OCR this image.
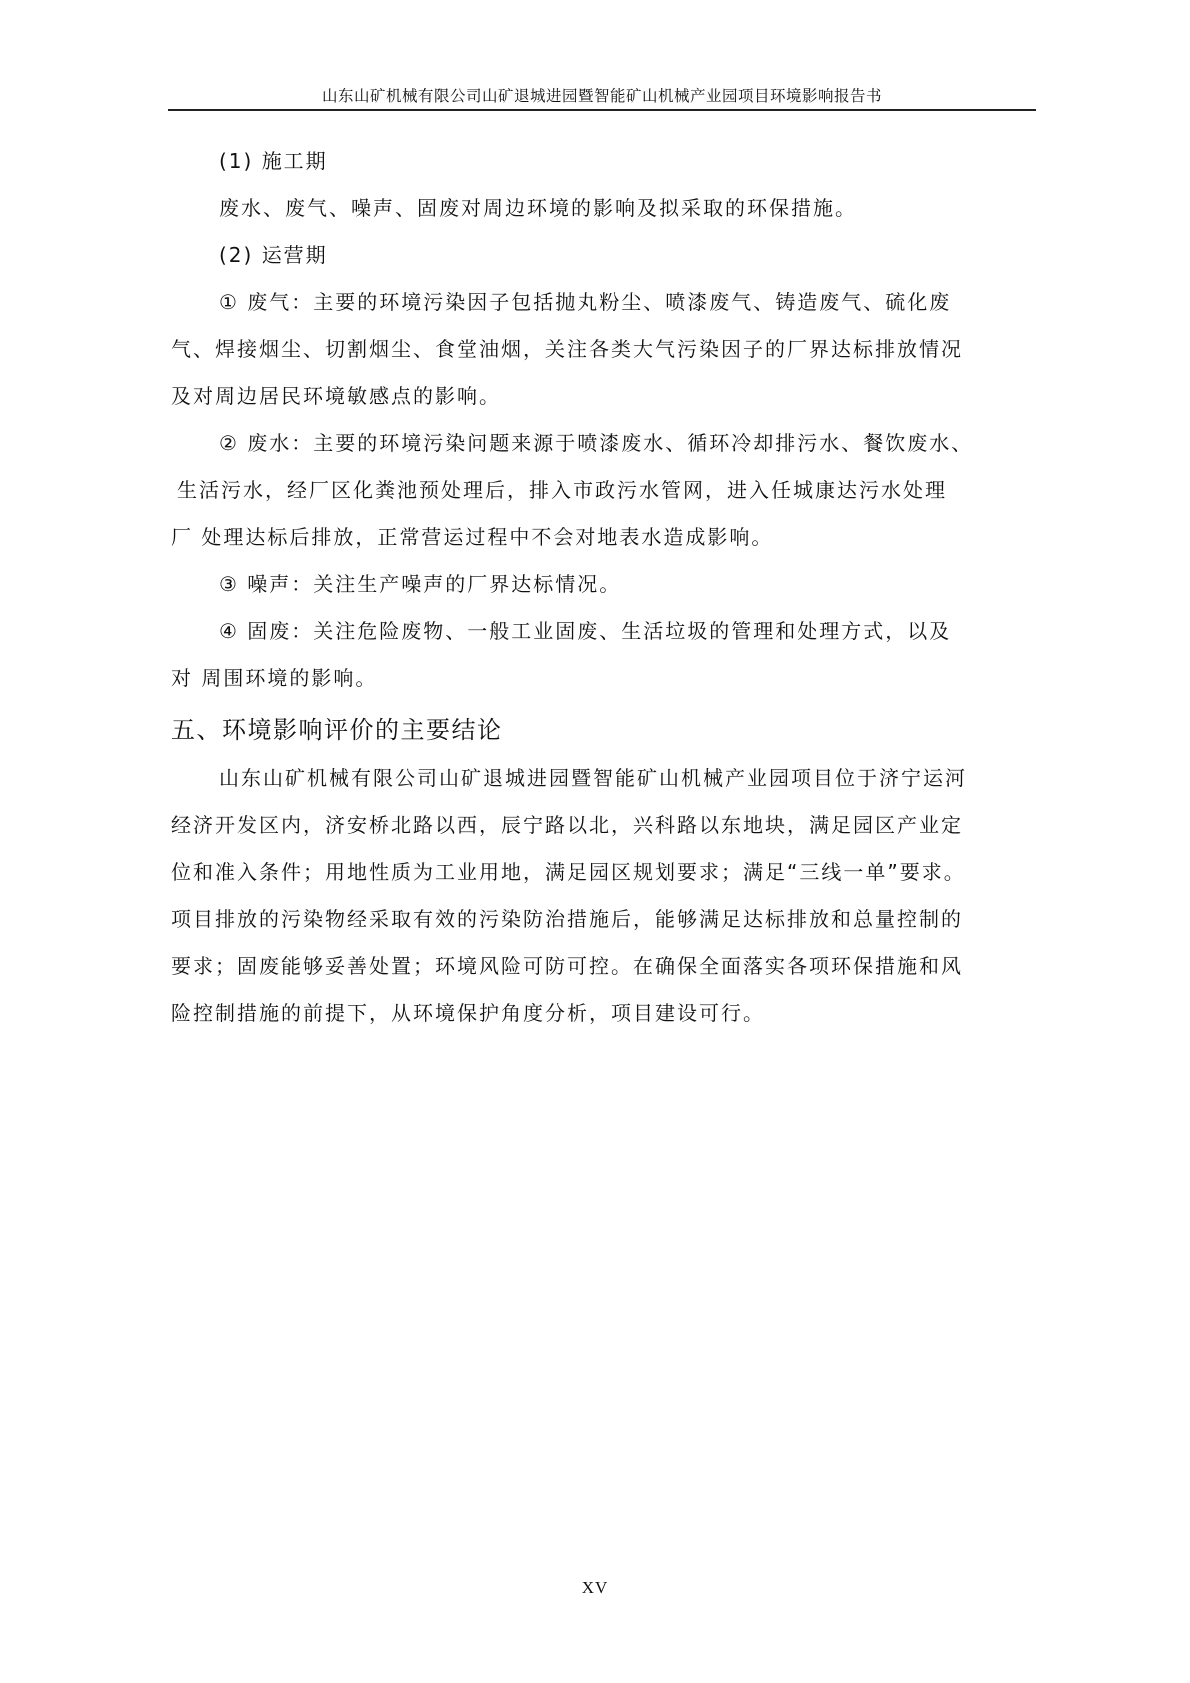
山东山矿机械有限公司山矿退城进园暨智能矿山机械产业园项目环境影响报告书
(1) 施工期
废水、废气、噪声、固废对周边环境的影响及拟采取的环保措施。
(2) 运营期
① 废气：主要的环境污染因子包括抛丸粉尘、喷漆废气、铸造废气、硫化废
气、焊接烟尘、切割烟尘、食堂油烟，关注各类大气污染因子的厂界达标排放情况
及对周边居民环境敏感点的影响。
② 废水：主要的环境污染问题来源于喷漆废水、循环冷却排污水、餐饮废水、
生活污水，经厂区化粪池预处理后，排入市政污水管网，进入任城康达污水处理
厂 处理达标后排放，正常营运过程中不会对地表水造成影响。
③ 噪声：关注生产噪声的厂界达标情况。
④ 固废：关注危险废物、一般工业固废、生活垃圾的管理和处理方式，以及
对 周围环境的影响。
五、环境影响评价的主要结论
山东山矿机械有限公司山矿退城进园暨智能矿山机械产业园项目位于济宁运河
经济开发区内，济安桥北路以西，辰宁路以北，兴科路以东地块，满足园区产业定
位和准入条件；用地性质为工业用地，满足园区规划要求；满足“三线一单”要求。
项目排放的污染物经采取有效的污染防治措施后，能够满足达标排放和总量控制的
要求；固废能够妥善处置；环境风险可防可控。在确保全面落实各项环保措施和风
险控制措施的前提下，从环境保护角度分析，项目建设可行。
XV
